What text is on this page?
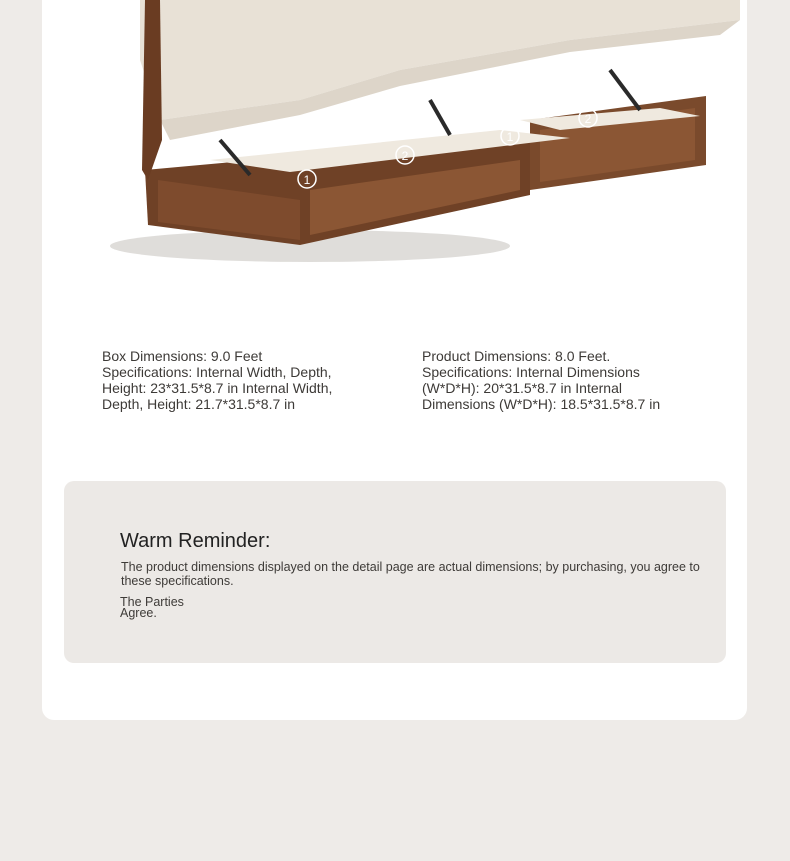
1
2
1
2
Box Dimensions: 9.0 Feet
Specifications: Internal Width, Depth, Height: 23*31.5*8.7 in Internal Width, Depth, Height: 21.7*31.5*8.7 in
Product Dimensions: 8.0 Feet.
Specifications: Internal Dimensions (W*D*H): 20*31.5*8.7 in Internal Dimensions (W*D*H): 18.5*31.5*8.7 in
Warm Reminder:
The product dimensions displayed on the detail page are actual dimensions; by purchasing, you agree to these specifications.
The Parties Agree.
